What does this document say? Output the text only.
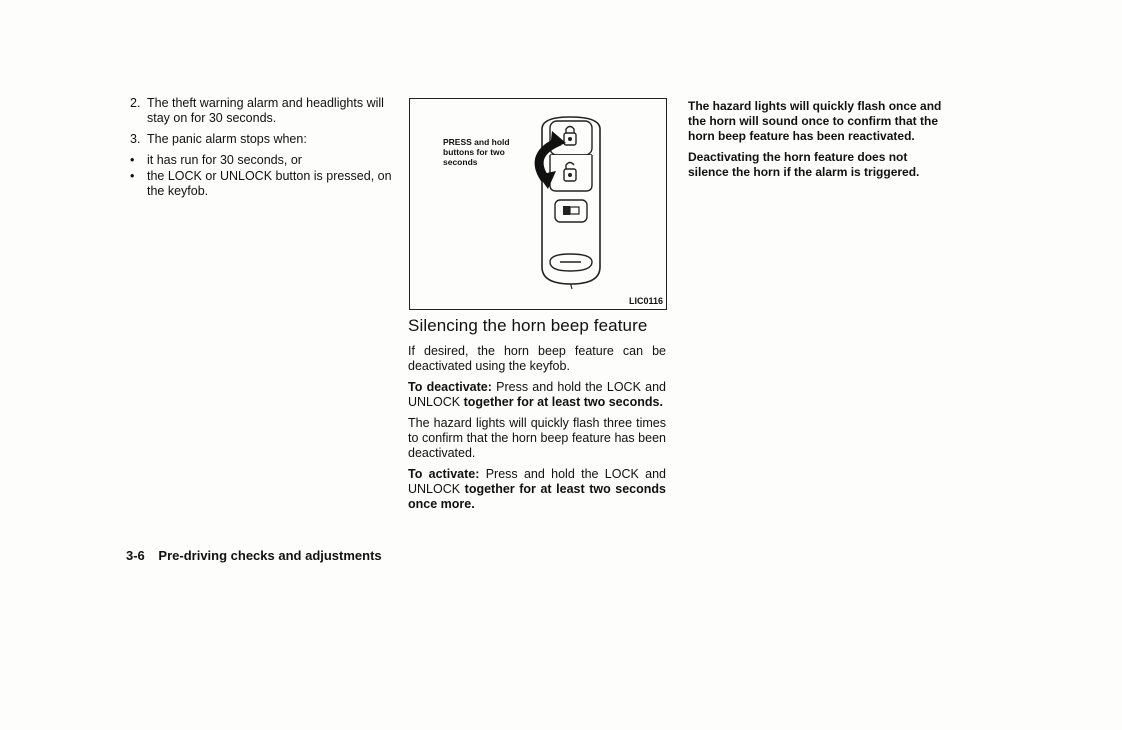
2. The theft warning alarm and headlights will stay on for 30 seconds.
3. The panic alarm stops when:
•	it has run for 30 seconds, or
•	the LOCK or UNLOCK button is pressed, on the keyfob.
PRESS and hold buttons for two seconds
LIC0116
Silencing the horn beep feature

If desired, the horn beep feature can be deactivated using the keyfob.

To deactivate: Press and hold the LOCK and UNLOCK together for at least two seconds.

The hazard lights will quickly flash three times to confirm that the horn beep feature has been deactivated.

To activate: Press and hold the LOCK and UNLOCK together for at least two seconds once more.

The hazard lights will quickly flash once and the horn will sound once to confirm that the horn beep feature has been reactivated.

Deactivating the horn feature does not silence the horn if the alarm is triggered.

3-6 Pre-driving checks and adjustments
